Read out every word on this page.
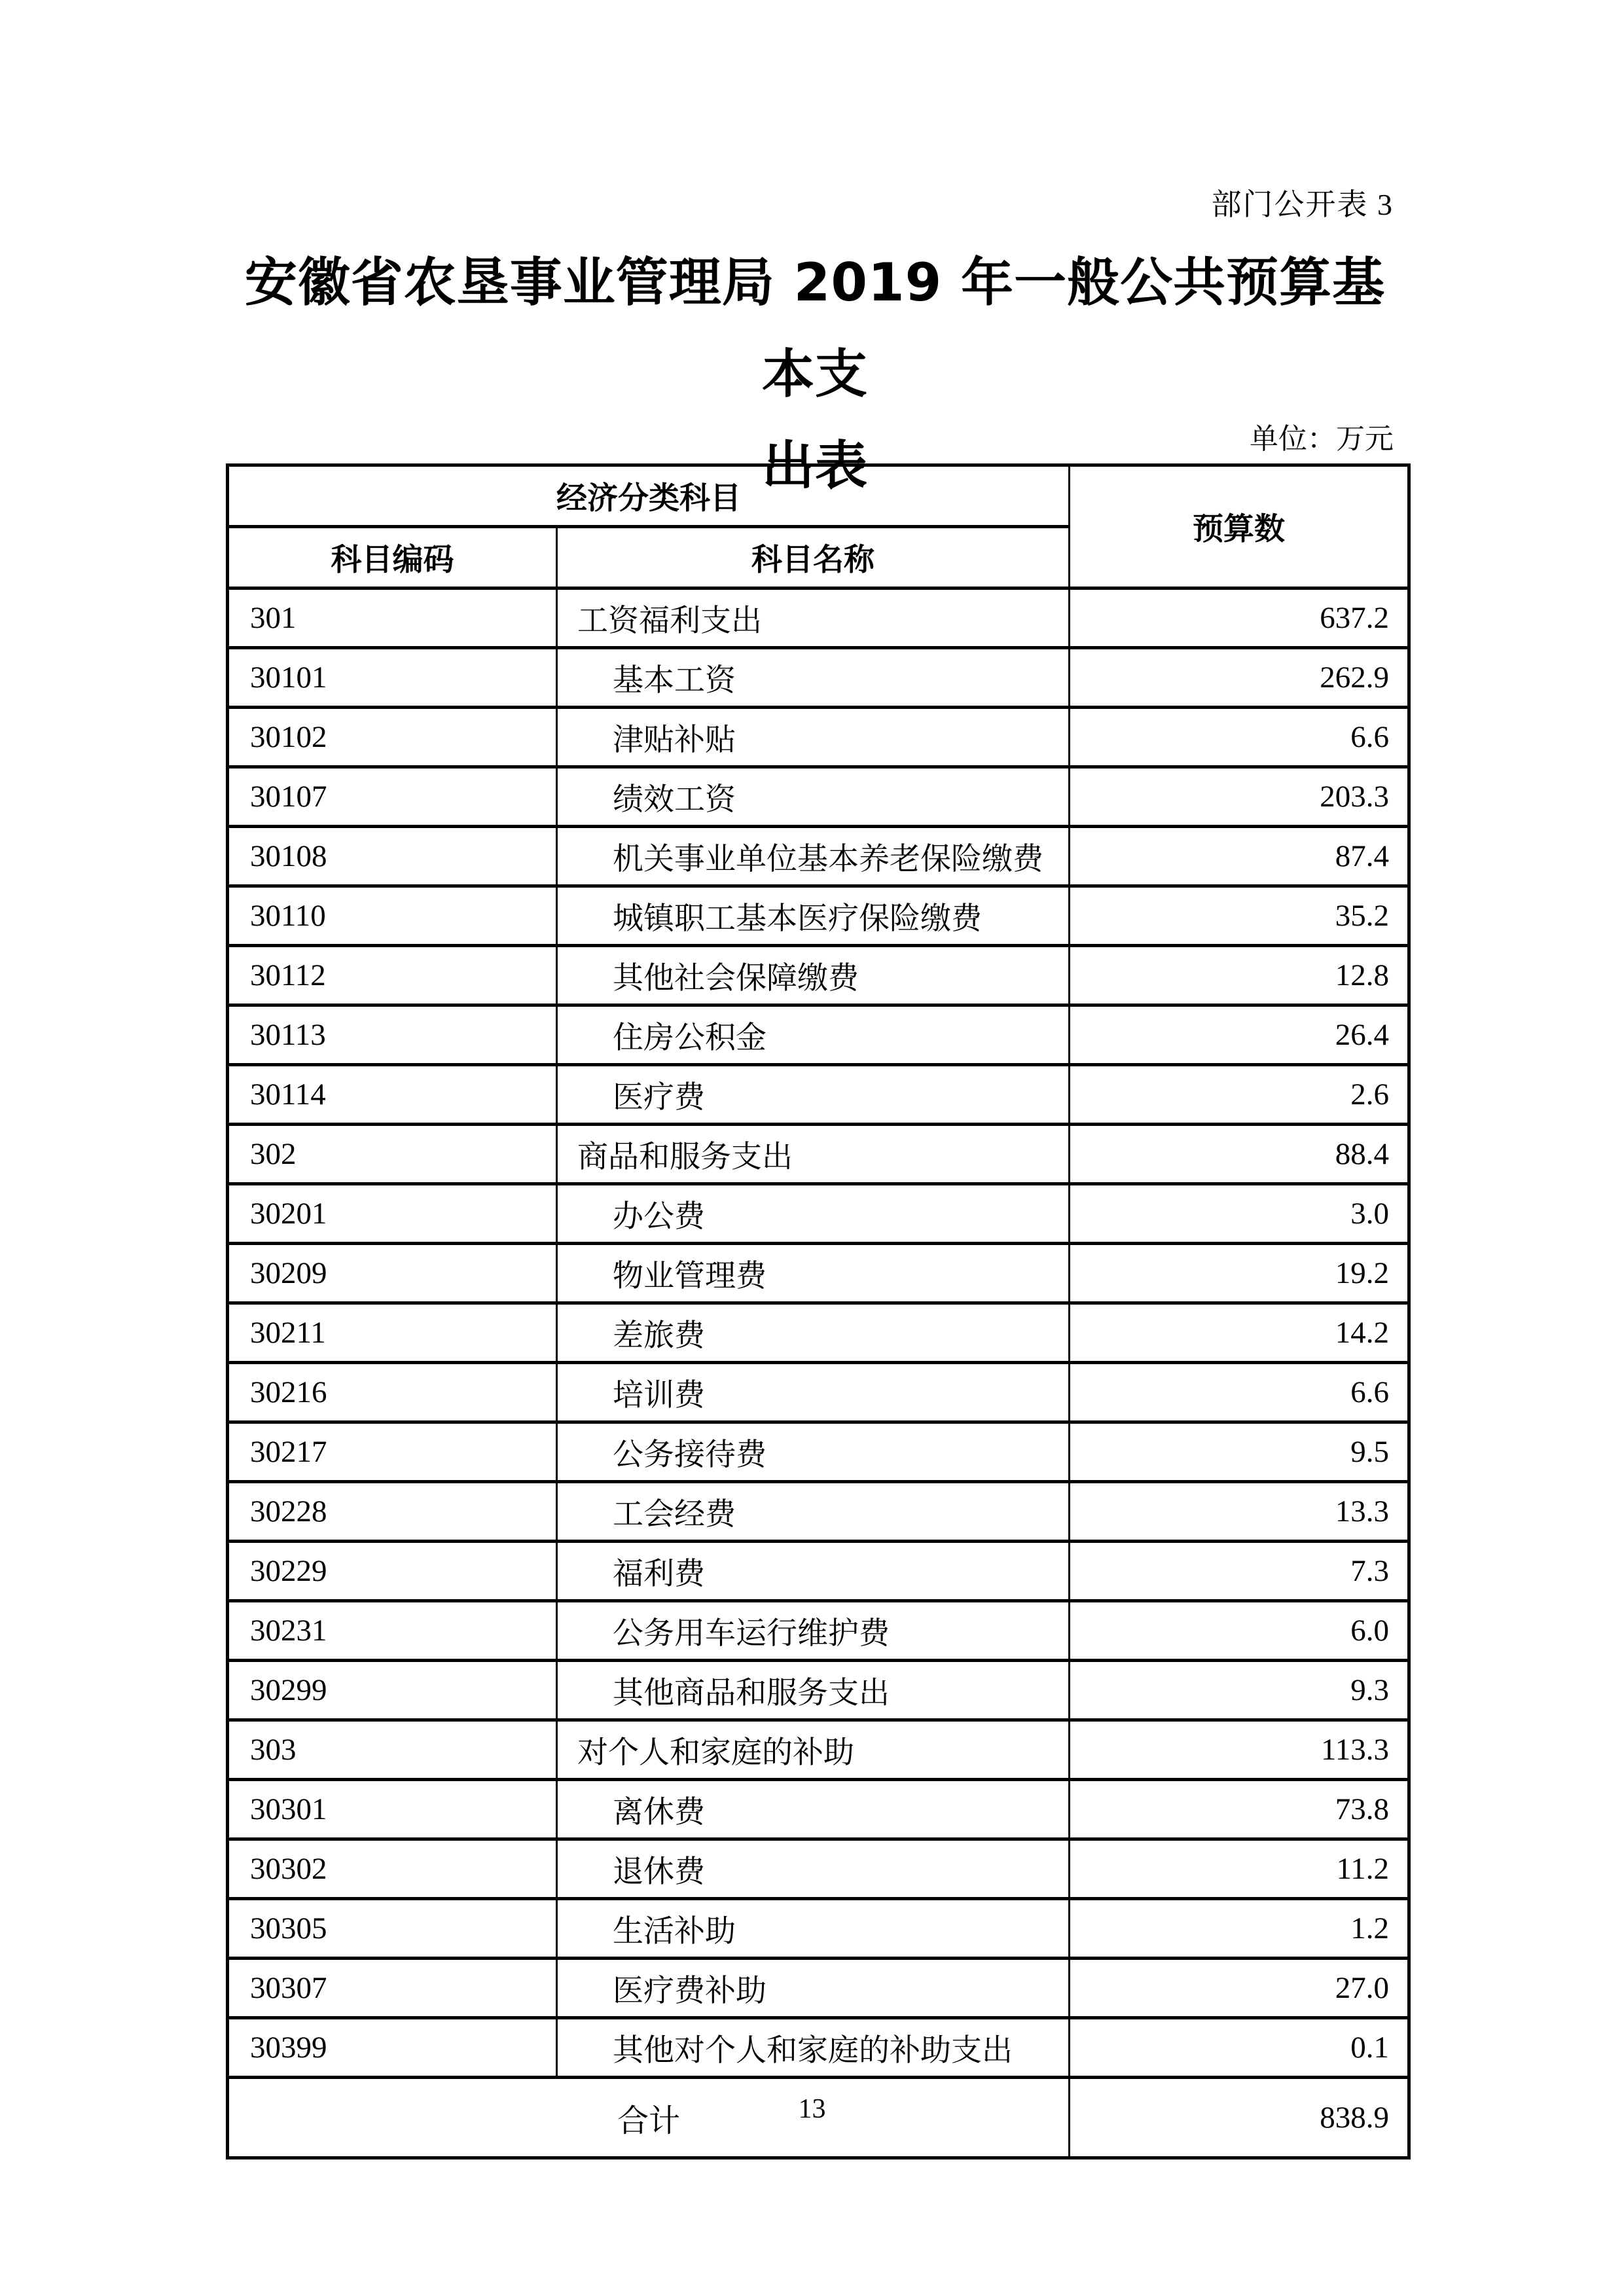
部门公开表 3
安徽省农垦事业管理局 2019 年一般公共预算基本支
出表	单位：万元
经济分类科目		预算数
科目编码	科目名称	
301	工资福利支出	637.2
30101	基本工资	262.9
30102	津贴补贴	6.6
30107	绩效工资	203.3
30108	机关事业单位基本养老保险缴费	87.4
30110	城镇职工基本医疗保险缴费	35.2
30112	其他社会保障缴费	12.8
30113	住房公积金	26.4
30114	医疗费	2.6
302	商品和服务支出	88.4
30201	办公费	3.0
30209	物业管理费	19.2
30211	差旅费	14.2
30216	培训费	6.6
30217	公务接待费	9.5
30228	工会经费	13.3
30229	福利费	7.3
30231	公务用车运行维护费	6.0
30299	其他商品和服务支出	9.3
303	对个人和家庭的补助	113.3
30301	离休费	73.8
30302	退休费	11.2
30305	生活补助	1.2
30307	医疗费补助	27.0
30399	其他对个人和家庭的补助支出	0.1
合计		838.9
13
